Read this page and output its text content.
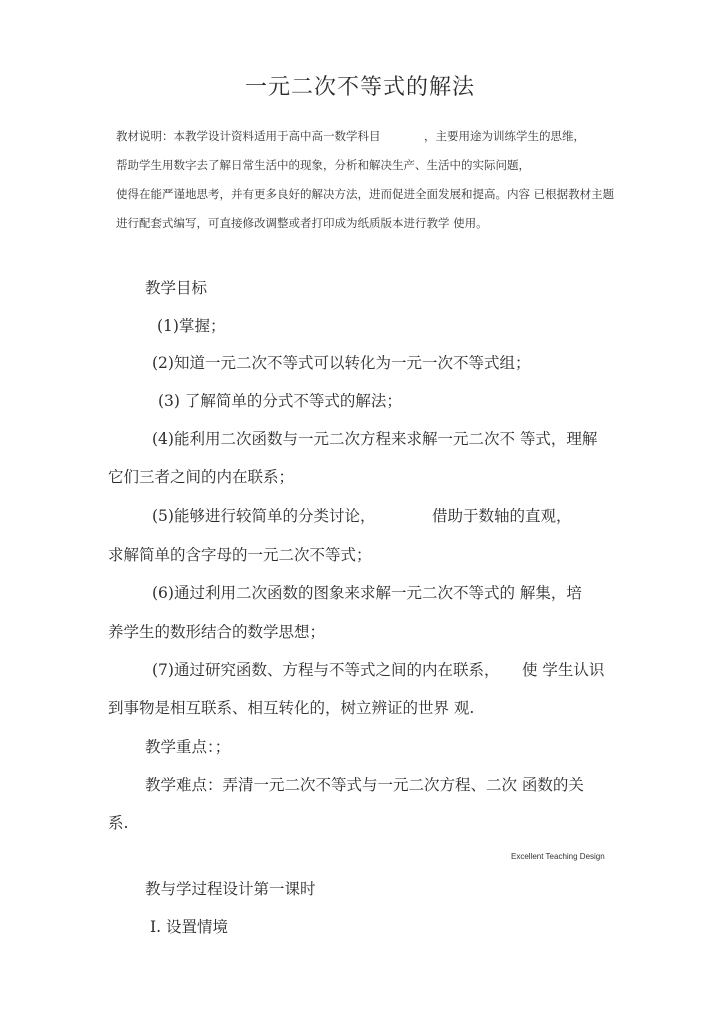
一元二次不等式的解法
教材说明：本教学设计资料适用于高中高一数学科目	，主要用途为训练学生的思维，
帮助学生用数字去了解日常生活中的现象，分析和解决生产、生活中的实际问题，
使得在能严谨地思考，并有更多良好的解决方法，进而促进全面发展和提高。内容 已根据教材主题
进行配套式编写，可直接修改调整或者打印成为纸质版本进行教学 使用。
教学目标
(1)掌握；
(2)知道一元二次不等式可以转化为一元一次不等式组；
(3) 了解简单的分式不等式的解法；
(4)能利用二次函数与一元二次方程来求解一元二次不 等式，理解
它们三者之间的内在联系；
(5)能够进行较简单的分类讨论，	借助于数轴的直观，
求解简单的含字母的一元二次不等式；
(6)通过利用二次函数的图象来求解一元二次不等式的 解集，培
养学生的数形结合的数学思想；
(7)通过研究函数、方程与不等式之间的内在联系， 使 学生认识
到事物是相互联系、相互转化的，树立辨证的世界 观.
教学重点：；
教学难点：弄清一元二次不等式与一元二次方程、二次 函数的关
系.
Excellent Teaching Design
教与学过程设计第一课时
I. 设置情境
